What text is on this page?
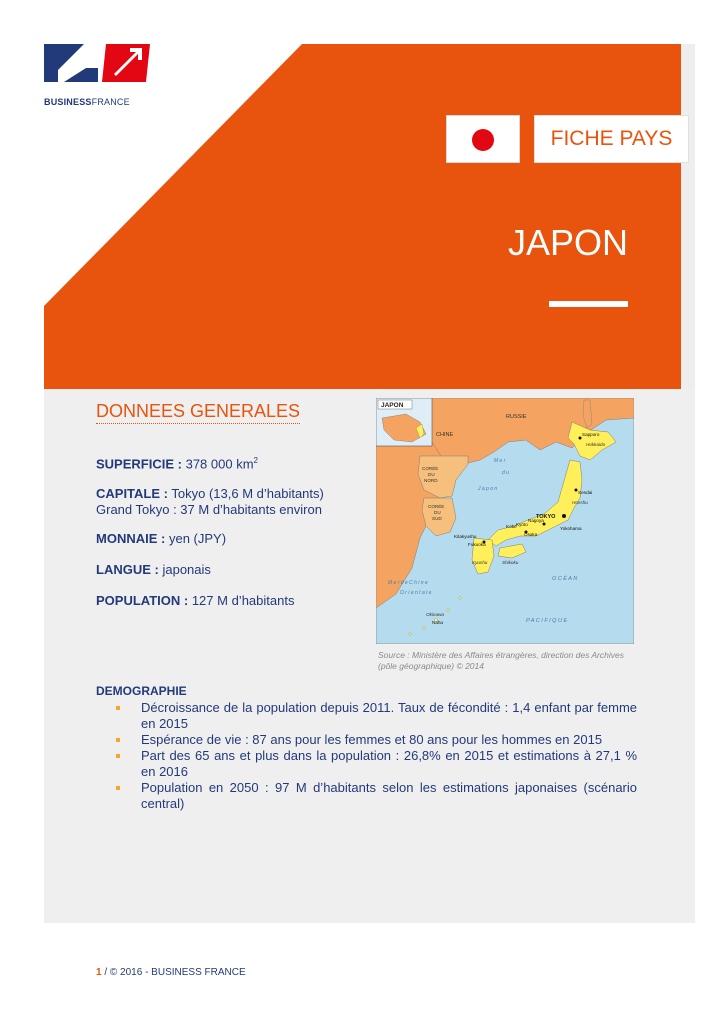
BUSINESSFRANCE
FICHE PAYS
JAPON
DONNEES GENERALES
SUPERFICIE : 378 000 $km^2$
CAPITALE : Tokyo (13,6 M d’habitants)
Grand Tokyo : 37 M d’habitants environ
MONNAIE : yen (JPY)
LANGUE : japonais
POPULATION : 127 M d’habitants
JAPON
RUSSIE
CHINE
CORÉE
DU
NORD
CORÉE
DU
SUD
M e r
d u
J a p o n
O C É A N
P A C I F I Q U E
TOKYO
Sapporo
Hokkaido
Sendai
Honshu
Nagoya
Osaka
Kobe Kyoto
Yokohama
Kitakyushu
Fukuoka
Kyushu	Shikoku
Okinawa
Naha
M e r d e C h i n e
O r i e n t a l e
Source : Ministère des Affaires étrangères, direction des Archives (pôle géographique) © 2014
DEMOGRAPHIE
Décroissance de la population depuis 2011. Taux de fécondité : 1,4 enfant par femme en 2015
Espérance de vie : 87 ans pour les femmes et 80 ans pour les hommes en 2015
Part des 65 ans et plus dans la population : 26,8% en 2015 et estimations à 27,1 % en 2016
Population en 2050 : 97 M d’habitants selon les estimations japonaises (scénario central)
1 / © 2016 - BUSINESS FRANCE
